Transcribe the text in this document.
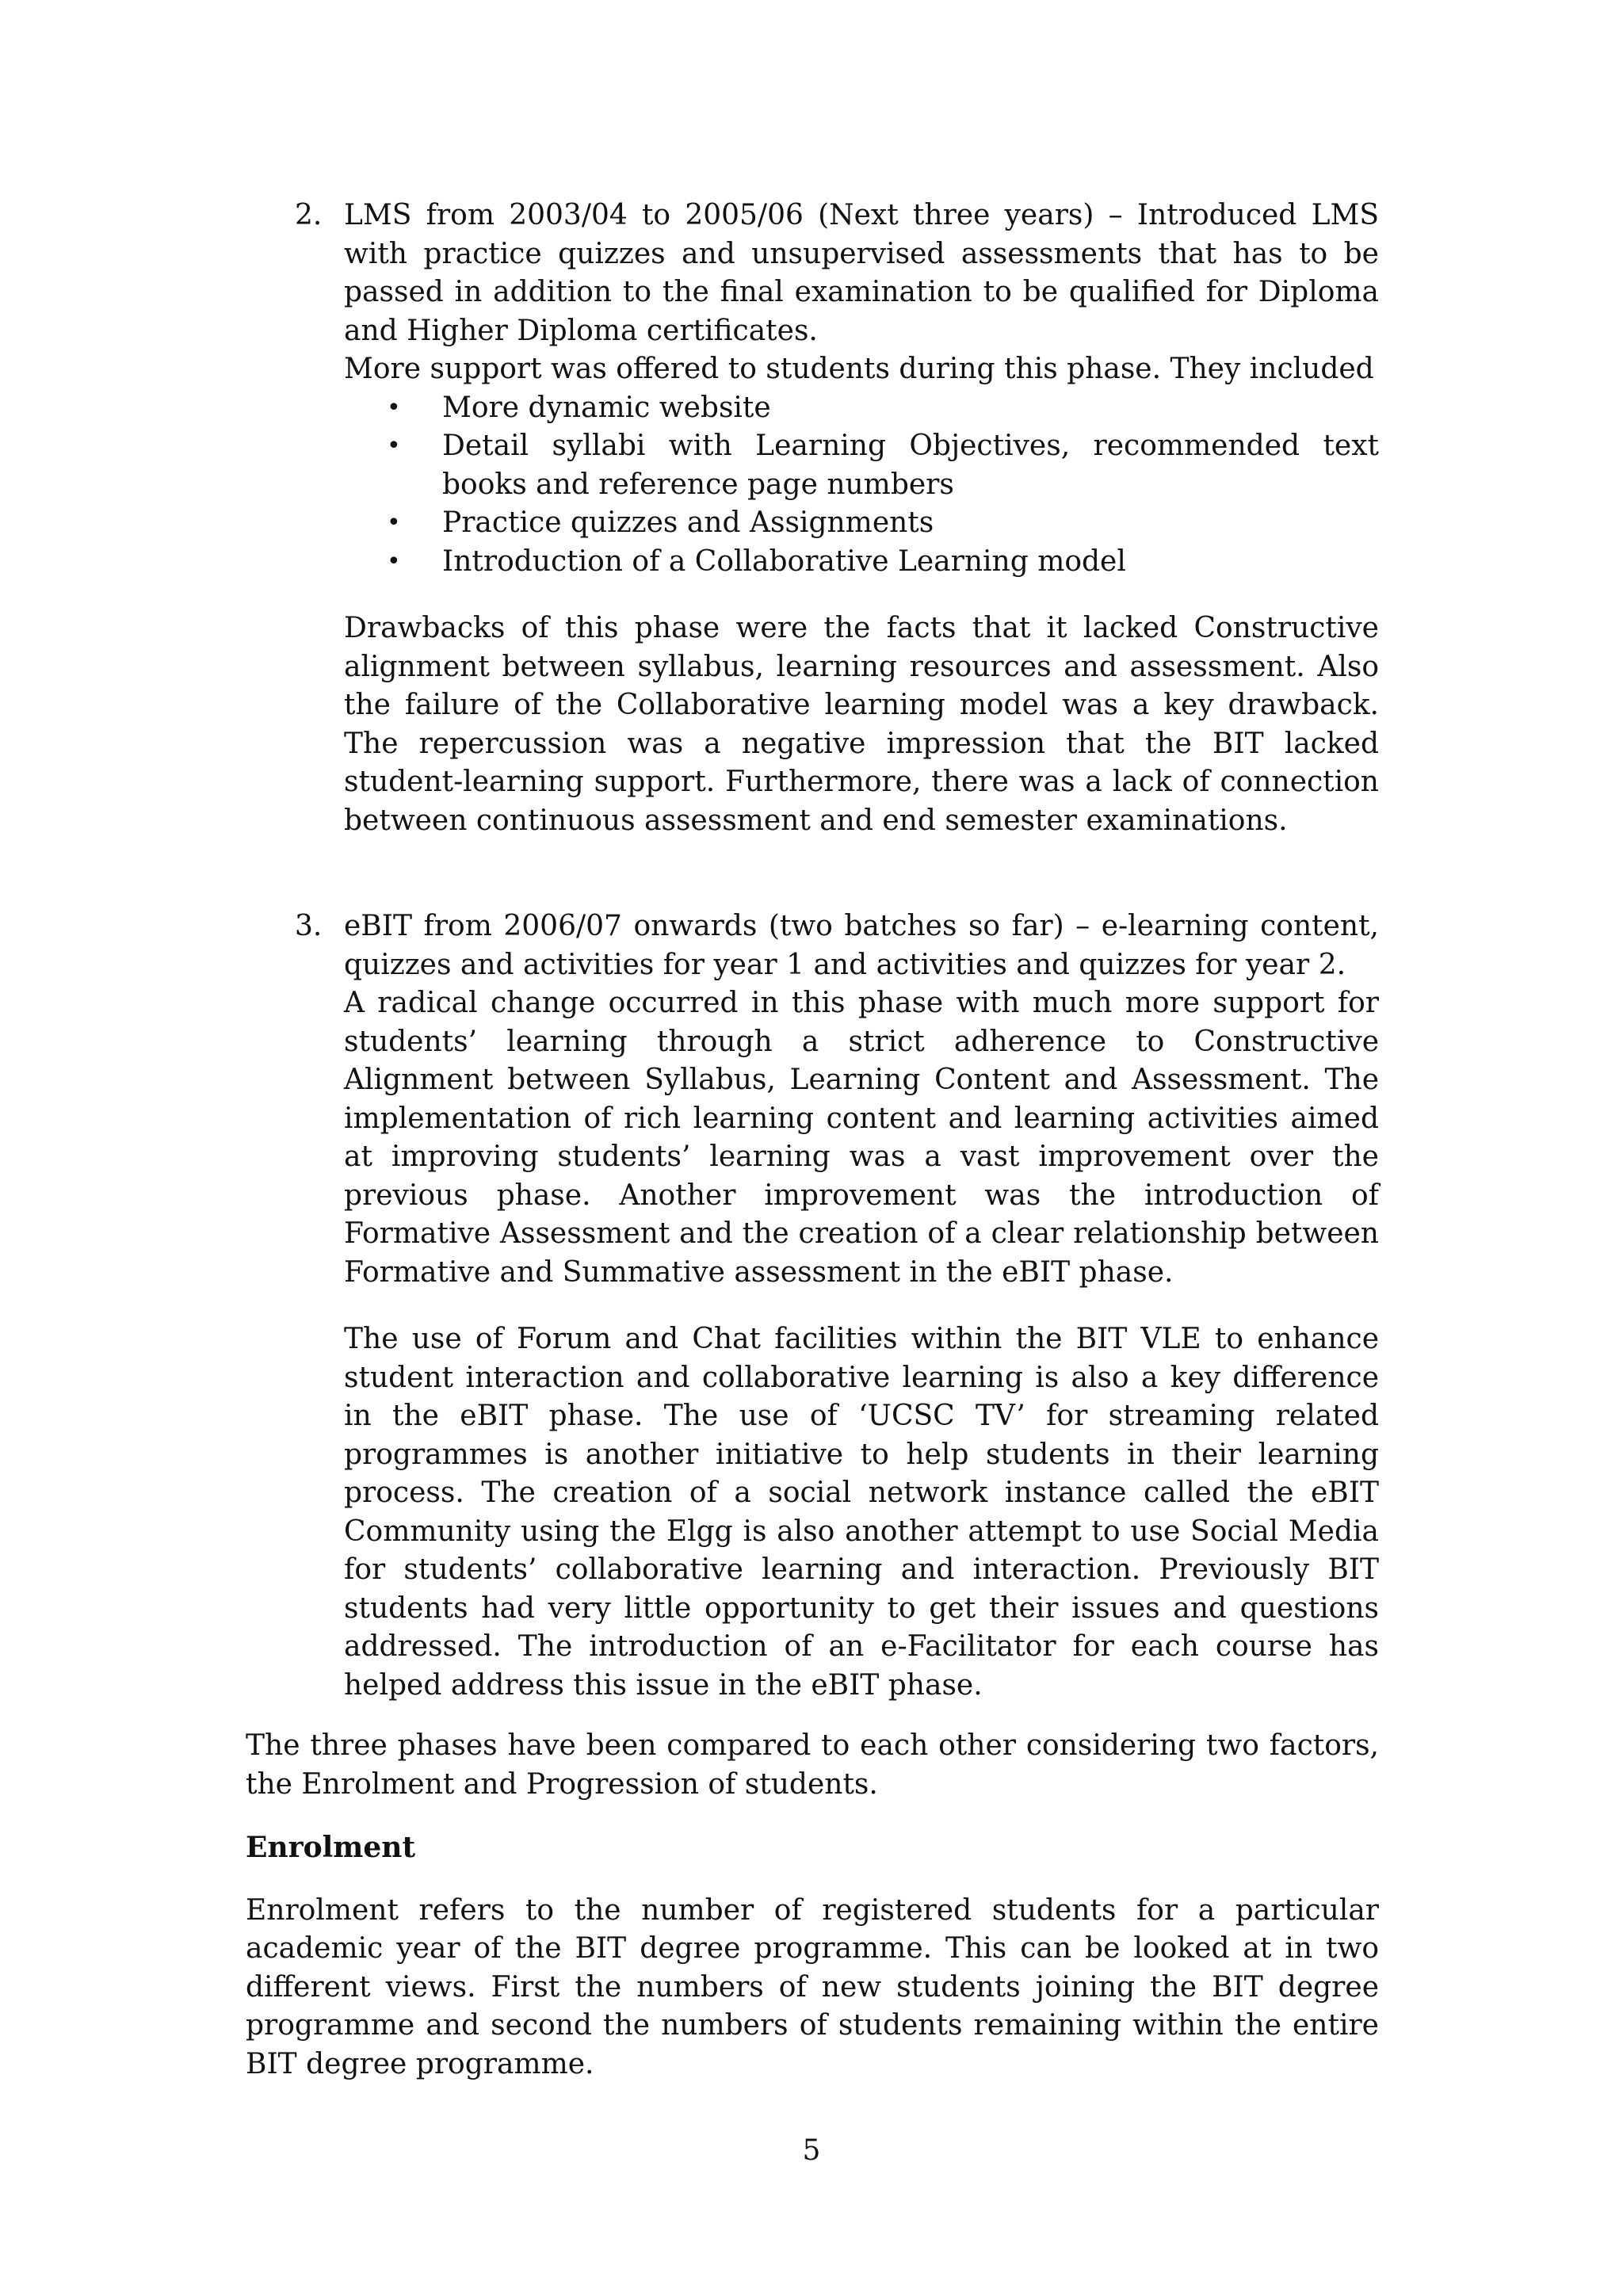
2. LMS from 2003/04 to 2005/06 (Next three years) – Introduced LMS with practice quizzes and unsupervised assessments that has to be passed in addition to the final examination to be qualified for Diploma and Higher Diploma certificates.

More support was offered to students during this phase. They included

•	More dynamic website
•	Detail syllabi with Learning Objectives, recommended text books and reference page numbers
•	Practice quizzes and Assignments
•	Introduction of a Collaborative Learning model

Drawbacks of this phase were the facts that it lacked Constructive alignment between syllabus, learning resources and assessment. Also the failure of the Collaborative learning model was a key drawback. The repercussion was a negative impression that the BIT lacked student-learning support. Furthermore, there was a lack of connection between continuous assessment and end semester examinations.

3. eBIT from 2006/07 onwards (two batches so far) – e-learning content, quizzes and activities for year 1 and activities and quizzes for year 2.

A radical change occurred in this phase with much more support for students’ learning through a strict adherence to Constructive Alignment between Syllabus, Learning Content and Assessment. The implementation of rich learning content and learning activities aimed at improving students’ learning was a vast improvement over the previous phase. Another improvement was the introduction of Formative Assessment and the creation of a clear relationship between Formative and Summative assessment in the eBIT phase.

The use of Forum and Chat facilities within the BIT VLE to enhance student interaction and collaborative learning is also a key difference in the eBIT phase. The use of ‘UCSC TV’ for streaming related programmes is another initiative to help students in their learning process. The creation of a social network instance called the eBIT Community using the Elgg is also another attempt to use Social Media for students’ collaborative learning and interaction. Previously BIT students had very little opportunity to get their issues and questions addressed. The introduction of an e-Facilitator for each course has helped address this issue in the eBIT phase.

The three phases have been compared to each other considering two factors, the Enrolment and Progression of students.

Enrolment

Enrolment refers to the number of registered students for a particular academic year of the BIT degree programme. This can be looked at in two different views. First the numbers of new students joining the BIT degree programme and second the numbers of students remaining within the entire BIT degree programme.

5
